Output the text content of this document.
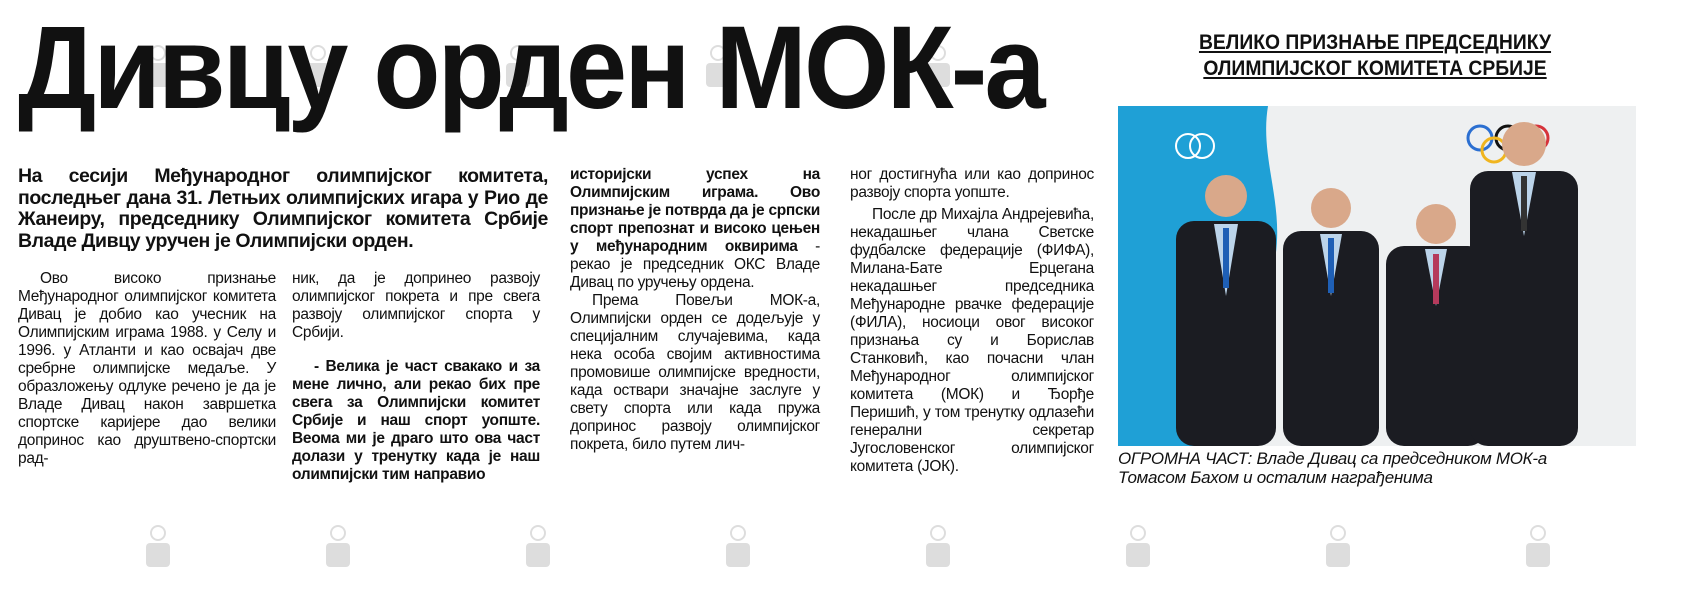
Дивцу орден МОК-а	ВЕЛИКО ПРИЗНАЊЕ ПРЕДСЕДНИКУ
ОЛИМПИЈСКОГ КОМИТЕТА СРБИЈЕ
На сесији Међународног олимпијског комитета, последњег дана 31. Летњих олимпијских игара у Рио де Жанеиру, председнику Олимпијског комитета Србије Владе Дивцу уручен је Олимпијски орден.

Ово високо признање Међународног олимпијског комитета Дивац је добио као учесник на Олимпијским играма 1988. у Селу и 1996. у Атланти и као освајач две сребрне олимпијске медаље. У образложењу одлуке речено је да је Владе Дивац након завршетка спортске каријере дао велики допринос као друштвено-спортски рад-

ник, да је допринео развоју олимпијског покрета и пре свега развоју олимпијског спорта у Србији.

- Велика је част свакако и за мене лично, али рекао бих пре свега за Олимпијски комитет Србије и наш спорт уопште. Веома ми је драго што ова част долази у тренутку када је наш олимпијски тим направио

историјски успех на Олимпијским играма. Ово признање је потврда да је српски спорт препознат и високо цењен у међународним оквирима - рекао је председник ОКС Владе Дивац по уручењу ордена.

Према Повељи МОК-а, Олимпијски орден се додељује у специјалним случајевима, када нека особа својим активностима промовише олимпијске вредности, када оствари значајне заслуге у свету спорта или када пружа допринос развоју олимпијског покрета, било путем лич-

ног достигнућа или као допринос развоју спорта уопште.

После др Михајла Андрејевића, некадашњег члана Светске фудбалске федерације (ФИФА), Милана-Бате Ерцегана некадашњег председника Међународне рвачке федерације (ФИЛА), носиоци овог високог признања су и Борислав Станковић, као почасни члан Међународног олимпијског комитета (МОК) и Ђорђе Перишић, у том тренутку одлазећи генерални секретар Југословенског олимпијског комитета (ЈОК).	ОГРОМНА ЧАСТ: Владе Дивац са председником МОК-а
Томасом Бахом и осталим награђенима
